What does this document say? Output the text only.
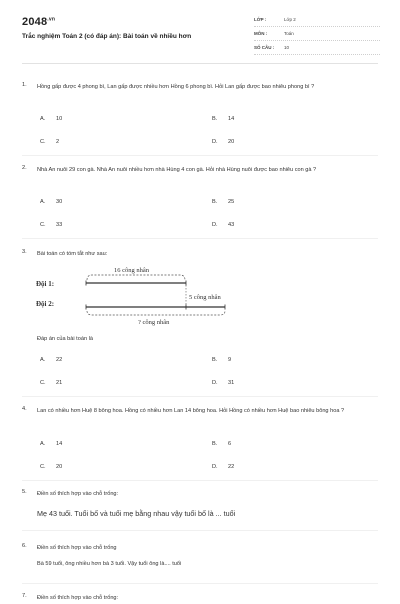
$2048^{.vn}$
Trắc nghiệm Toán 2 (có đáp án): Bài toán về nhiều hơn
LỚP :	Lớp 2
MÔN :	Toán
SỐ CÂU : 10
1. Hồng gấp được 4 phong bì, Lan gấp được nhiều hơn Hồng 6 phong bì. Hỏi Lan gấp được bao nhiêu phong bì ?
A. 10	B. 14
C. 2	D. 20
2. Nhà An nuôi 29 con gà. Nhà An nuôi nhiều hơn nhà Hùng 4 con gà. Hỏi nhà Hùng nuôi được bao nhiêu con gà ?
A. 30	B. 25
C. 33	D. 43
3. Bài toán có tóm tắt như sau:
Đội 1:
Đội 2:
16 công nhân
5 công nhân
? công nhân
Đáp án của bài toán là
A. 22	B. 9
C. 21	D. 31
4. Lan có nhiều hơn Huệ 8 bông hoa. Hồng có nhiều hơn Lan 14 bông hoa. Hỏi Hồng có nhiều hơn Huệ bao nhiêu bông hoa ?
A. 14	B. 6
C. 20	D. 22
5. Điền số thích hợp vào chỗ trống:
Mẹ 43 tuổi. Tuổi bố và tuổi mẹ bằng nhau vậy tuổi bố là ... tuổi
6. Điền số thích hợp vào chỗ trống
Bà 59 tuổi, ông nhiều hơn bà 3 tuổi. Vậy tuổi ông là.... tuổi
7. Điền số thích hợp vào chỗ trống:
